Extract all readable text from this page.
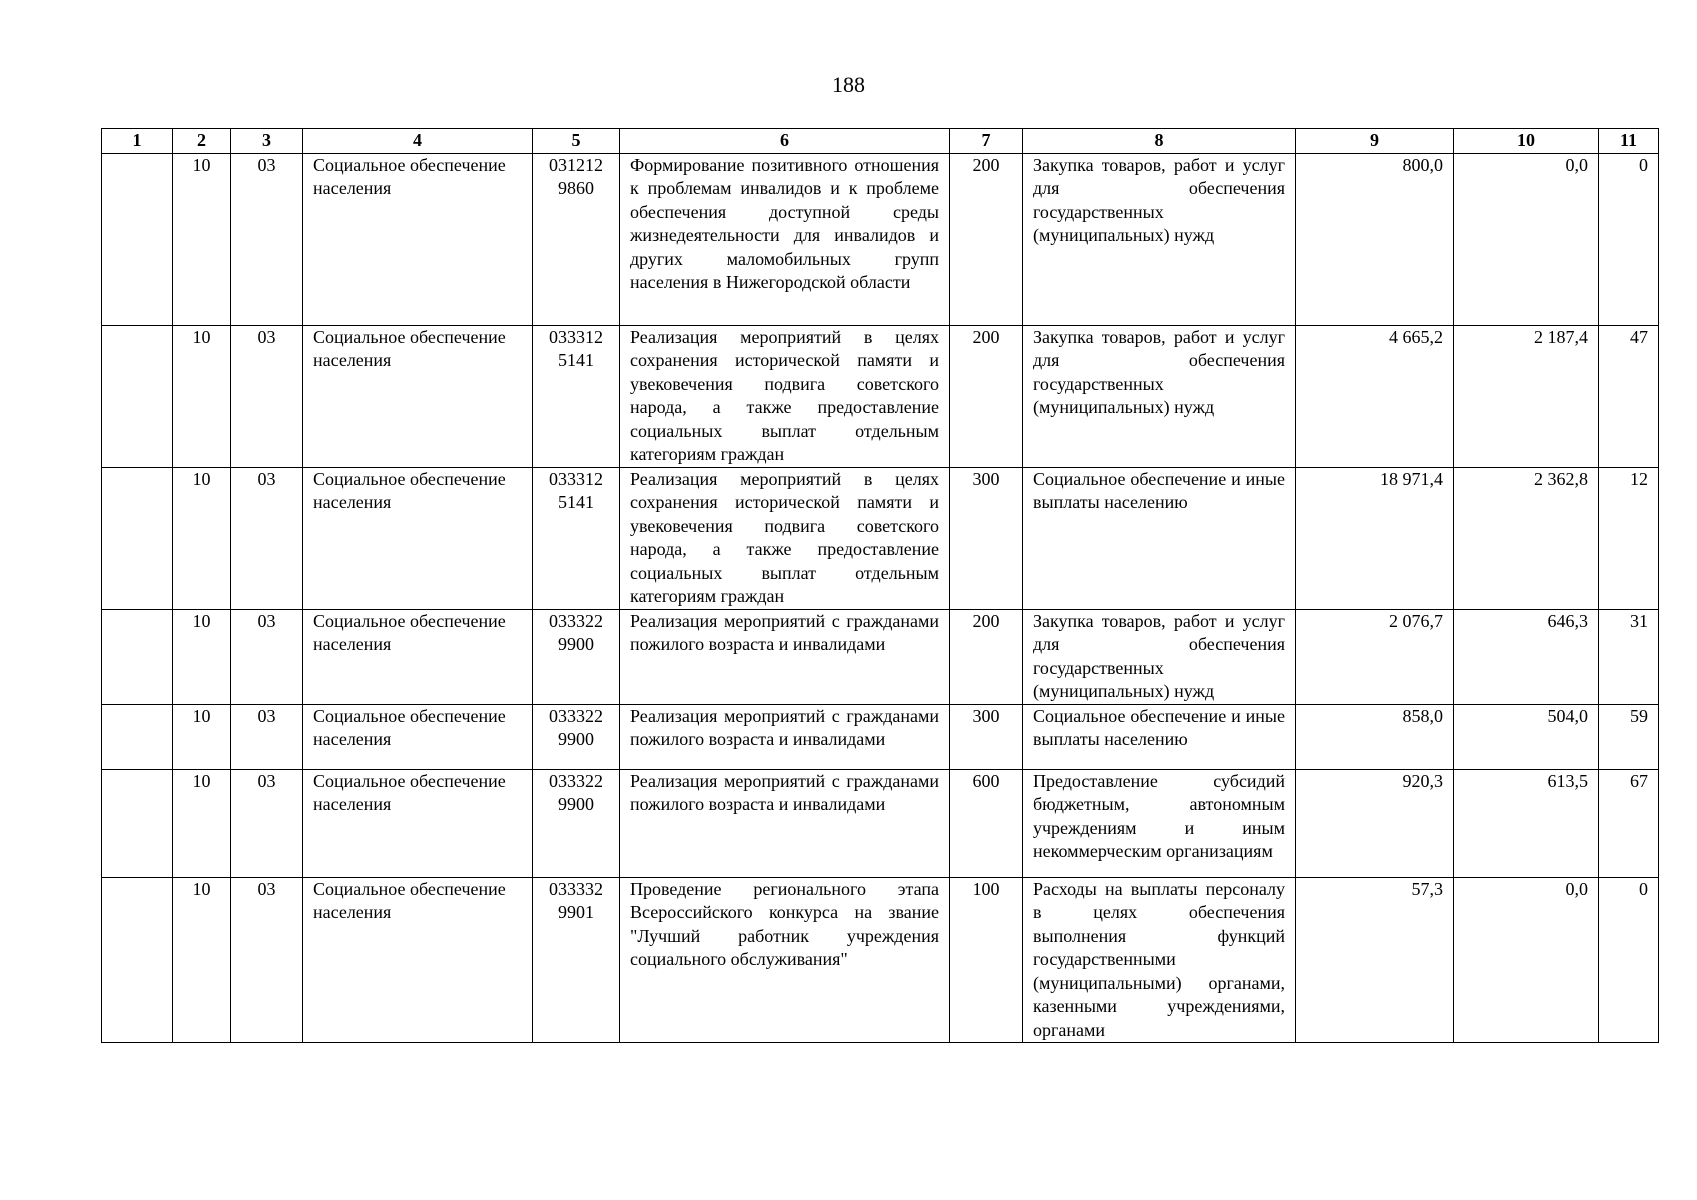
188
1	2	3	4	5	6	7	8	9	10	11
	10	03	Социальное обеспечение населения	031212 9860	Формирование позитивного отношения к проблемам инвалидов и к проблеме обеспечения доступной среды жизнедеятельности для инвалидов и других маломобильных групп населения в Нижегородской области	200	Закупка товаров, работ и услуг для обеспечения государственных (муниципальных) нужд	800,0	0,0	0
	10	03	Социальное обеспечение населения	033312 5141	Реализация мероприятий в целях сохранения исторической памяти и увековечения подвига советского народа, а также предоставление социальных выплат отдельным категориям граждан	200	Закупка товаров, работ и услуг для обеспечения государственных (муниципальных) нужд	4 665,2	2 187,4	47
	10	03	Социальное обеспечение населения	033312 5141	Реализация мероприятий в целях сохранения исторической памяти и увековечения подвига советского народа, а также предоставление социальных выплат отдельным категориям граждан	300	Социальное обеспечение и иные выплаты населению	18 971,4	2 362,8	12
	10	03	Социальное обеспечение населения	033322 9900	Реализация мероприятий с гражданами пожилого возраста и инвалидами	200	Закупка товаров, работ и услуг для обеспечения государственных (муниципальных) нужд	2 076,7	646,3	31
	10	03	Социальное обеспечение населения	033322 9900	Реализация мероприятий с гражданами пожилого возраста и инвалидами	300	Социальное обеспечение и иные выплаты населению	858,0	504,0	59
	10	03	Социальное обеспечение населения	033322 9900	Реализация мероприятий с гражданами пожилого возраста и инвалидами	600	Предоставление субсидий бюджетным, автономным учреждениям и иным некоммерческим организациям	920,3	613,5	67
	10	03	Социальное обеспечение населения	033332 9901	Проведение регионального этапа Всероссийского конкурса на звание "Лучший работник учреждения социального обслуживания"	100	Расходы на выплаты персоналу в целях обеспечения выполнения функций государственными (муниципальными) органами, казенными учреждениями, органами	57,3	0,0	0
